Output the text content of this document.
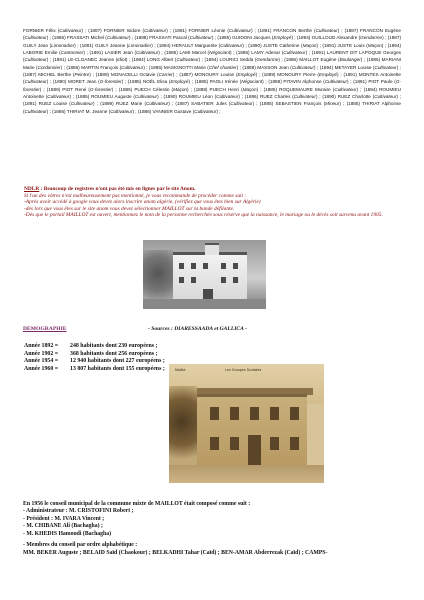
FORNIER Félix (Cultivateur) ; (1887) FORNIER Isidore (Cultivateur) ; (1891) FORNIER Léonie (Cultivateur) ; (1891) FRANCON Berthe (Cultivateur) ; (1887) FRANCON Eugène (Cultivateur) ; (1886) FRASSATI Michel (Cultivateur) ; (1888) FRASSATI Pascal (Cultivateur) ; (1885) GUIDONI Jacques (Employé) ; (1894) GUILLOUD Alexandre (Gendarme) ; (1887) GUILY Jean (Limonadier) ; (1891) GUILY Jeanne (Limonadier) ; (1894) HERAULT Marguerite (Cultivateur) ; (1890) JUSTE Catherine (Maçon) ; (1891) JUSTE Louis (Maçon) ; (1894) LABORIE Emilie (Cantonnier) ; (1891) LASIER Jean (Cultivateur) ; (1885) LAMI Marcel (Négociant) ; (1886) LAMY Adenar (Cultivateur) ; (1891) LAURENT DIT LAPOQUE Georges (Cultivateur) ; (1891) LE-CLOANEC Jeanne (Idiot) ; (1884) LONG Albert (Cultivateur) ; (1894) LOURICI Sedda (Gendarme) ; (1886) MAILLOT Eugène (Boulanger) ; (1886) MARIANI Marie (Cordonnier) ; (1886) MARTIN François (Cultivateur) ; (1885) MASIGNOTTI Marie (Chef chantier) ; (1888) MASSON Jean (Cultivateur) ; (1894) METAYER Louise (Cultivateur) ; (1887) MICHEL Berthe (Peintre) ; (1889) MONACELLI Octavie (Carrier) ; (1887) MONOURY Louise (Employé) ; (1889) MONOURY Pierre (Employé) ; (1891) MONTES Antoinette (Cultivateur) ; (1890) MORET Jean (G-forestier) ; (1885) NOËL Elisa (Employé) ; (1885) PAOLI Irénée (Négociant) ; (1888) PITAVIN Alphonse (Cultivateur) ; (1891) PIOT Paule (G-forestier) ; (1889) PIOT René (G-forestier) ; (1885) PUECH Célestin (Maçon) ; (1888) PUECH Henri (Maçon) ; (1885) ROQUEMAURE Muraire (Cultivateur) ; (1894) ROUMIEU Antoinette (Cultivateur) ; (1885) ROUMIEU Auguste (Cultivateur) ; (1890) ROUMIEU Léon (Cultivateur) ; (1886) RUEZ Charles (Cultivateur) ; (1890) RUEZ Charlotte (Cultivateur) ; (1891) RUEZ Louise (Cultivateur) ; (1889) RUEZ Marie (Cultivateur) ; (1887) SABATIER Jules (Cultivateur) ; (1885) SEBASTIEN François (Mineur) ; (1885) THIRIAT Alphonse (Cultivateur) ; (1886) THIRIAT M. Jeanne (Cultivateur) ; (1886) VANNIER Gustave (Cultivateur) ;
NDLR : Beaucoup de registres n'ont pas été mis en lignes par le site Anom.
Si l'un des vôtres n'est malheureusement pas mentionné, je vous recommande de procéder comme suit :
-Après avoir accédé à google vous devez alors inscrire anom algérie, (vérifiez que vous êtes bien sur Algérie)
-dès lors que vous êtes sur le site anom vous devez sélectionner MAILLOT sur la bande défilante.
-Dès que le portail MAILLOT est ouvert, mentionnez le nom de la personne recherchée sous réserve que la naissance, le mariage ou le décès soit survenu avant 1905.
DEMOGRAPHIE	- Sources : DIARESSAADA et GALLICA -
Année 1892 = 248 habitants dont 230 européens ;
Année 1902 = 368 habitants dont 256 européens ;
Année 1954 = 12 940 habitants dont 227 européens ;
Année 1960 = 13 807 habitants dont 155 européens ;	Maillot	Les Groupes Scolaires
En 1956 le conseil municipal de la commune mixte de MAILLOT était composé comme suit :
- Administrateur : M. CRISTOFINI Robert ;
- Président : M. IVARA Vincent ;
- M. CHIBANE Ali (Bachagha) ;
- M. KHEDIS Hamoudi (Bachagha)
- Membres du conseil par ordre alphabétique :
MM. BEKER Auguste ; BELAID Saïd (Chaokour) ; BELKADHI Tahar (Caïd) ; BEN-AMAR Abderrezak (Caïd) ; CAMPS-
